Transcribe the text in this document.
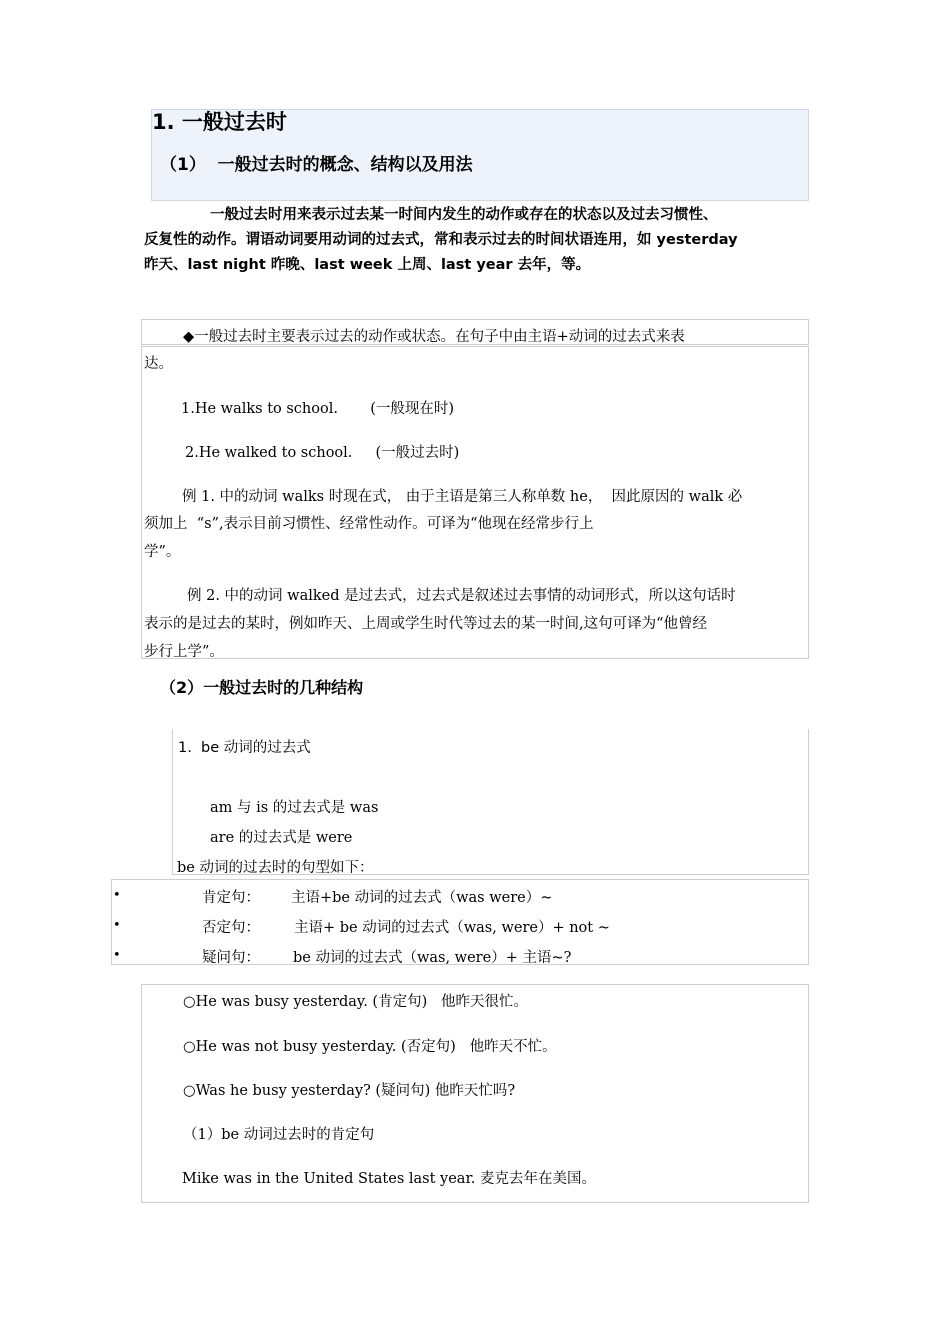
1. 一般过去时
（1）  一般过去时的概念、结构以及用法
一般过去时用来表示过去某一时间内发生的动作或存在的状态以及过去习惯性、
反复性的动作。谓语动词要用动词的过去式，常和表示过去的时间状语连用，如 yesterday
昨天、last night 昨晚、last week 上周、last year 去年，等。
◆一般过去时主要表示过去的动作或状态。在句子中由主语+动词的过去式来表
达。
1.He walks to school.       (一般现在时)
2.He walked to school.     (一般过去时)
例 1. 中的动词 walks 时现在式， 由于主语是第三人称单数 he，  因此原因的 walk 必
须加上  “s”,表示目前习惯性、经常性动作。可译为“他现在经常步行上
学”。
例 2. 中的动词 walked 是过去式，过去式是叙述过去事情的动词形式，所以这句话时
表示的是过去的某时，例如昨天、上周或学生时代等过去的某一时间,这句可译为“他曾经
步行上学”。
（2）一般过去时的几种结构
1.  be 动词的过去式
am 与 is 的过去式是 was
are 的过去式是 were
be 动词的过去时的句型如下：
•	肯定句： 主语+be 动词的过去式（was were）~
•	否定句： 主语+ be 动词的过去式（was, were）+ not ~
•	疑问句： be 动词的过去式（was, were）+ 主语~?
○He was busy yesterday. (肯定句)   他昨天很忙。
○He was not busy yesterday. (否定句)   他昨天不忙。
○Was he busy yesterday? (疑问句) 他昨天忙吗?
（1）be 动词过去时的肯定句
Mike was in the United States last year. 麦克去年在美国。
